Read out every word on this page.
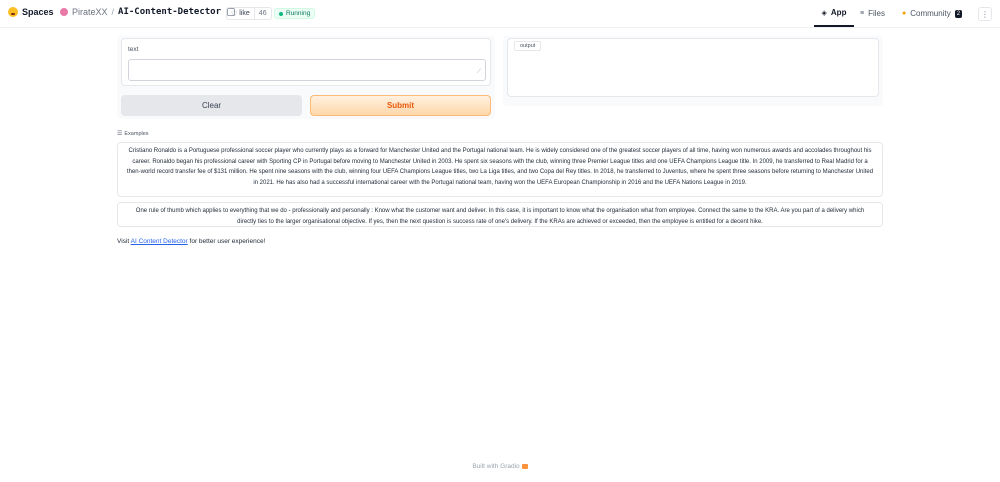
Spaces PirateXX / AI-Content-Detector ♡ like	46	Running	◈ App ≡ Files ● Community	2	⋮
text
⟋
Clear	Submit
output
☰ Examples
Cristiano Ronaldo is a Portuguese professional soccer player who currently plays as a forward for Manchester United and the Portugal national team. He is widely considered one of the greatest soccer players of all time, having won numerous awards and accolades throughout his career. Ronaldo began his professional career with Sporting CP in Portugal before moving to Manchester United in 2003. He spent six seasons with the club, winning three Premier League titles and one UEFA Champions League title. In 2009, he transferred to Real Madrid for a then-world record transfer fee of $131 million. He spent nine seasons with the club, winning four UEFA Champions League titles, two La Liga titles, and two Copa del Rey titles. In 2018, he transferred to Juventus, where he spent three seasons before returning to Manchester United in 2021. He has also had a successful international career with the Portugal national team, having won the UEFA European Championship in 2016 and the UEFA Nations League in 2019.
One rule of thumb which applies to everything that we do - professionally and personally : Know what the customer want and deliver. In this case, it is important to know what the organisation what from employee. Connect the same to the KRA. Are you part of a delivery which directly ties to the larger organisational objective. If yes, then the next question is success rate of one's delivery. If the KRAs are achieved or exceeded, then the employee is entitled for a decent hike.
Visit AI Content Detector for better user experience!
Built with Gradio
